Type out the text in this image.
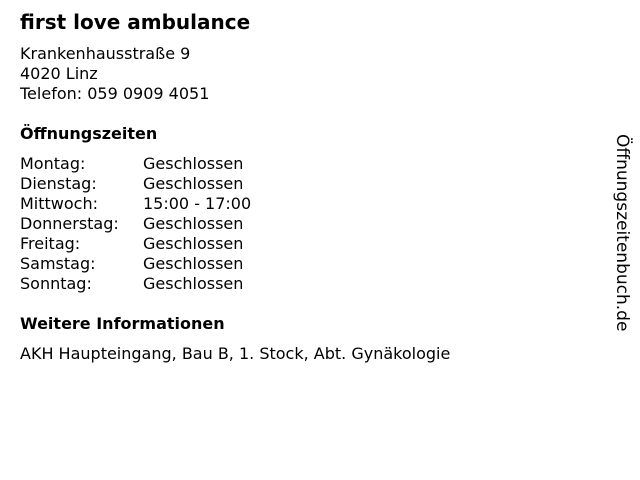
first love ambulance
Krankenhausstraße 9
4020 Linz
Telefon: 059 0909 4051
Öffnungszeiten
Montag:	Geschlossen
Dienstag:	Geschlossen
Mittwoch:	15:00 - 17:00
Donnerstag:	Geschlossen
Freitag:	Geschlossen
Samstag:	Geschlossen
Sonntag:	Geschlossen
Weitere Informationen
AKH Haupteingang, Bau B, 1. Stock, Abt. Gynäkologie
Öffnungszeitenbuch.de
